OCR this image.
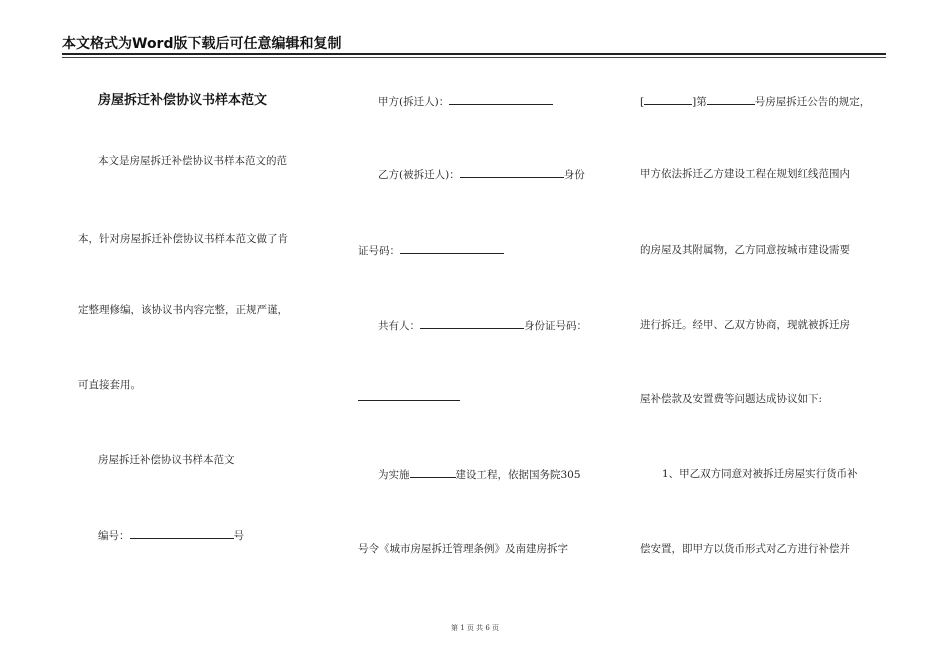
本文格式为Word版下载后可任意编辑和复制
房屋拆迁补偿协议书样本范文
本文是房屋拆迁补偿协议书样本范文的范
本，针对房屋拆迁补偿协议书样本范文做了肯
定整理修编，该协议书内容完整，正规严谨，
可直接套用。
房屋拆迁补偿协议书样本范文
编号：	号
甲方(拆迁人)：
乙方(被拆迁人)：	身份
证号码：
共有人：	身份证号码：
为实施	建设工程，依据国务院305
号令《城市房屋拆迁管理条例》及南建房拆字
[	]第	号房屋拆迁公告的规定，
甲方依法拆迁乙方建设工程在规划红线范围内
的房屋及其附属物，乙方同意按城市建设需要
进行拆迁。经甲、乙双方协商，现就被拆迁房
屋补偿款及安置费等问题达成协议如下:
1、甲乙双方同意对被拆迁房屋实行货币补
偿安置，即甲方以货币形式对乙方进行补偿并
第 1 页 共 6 页
